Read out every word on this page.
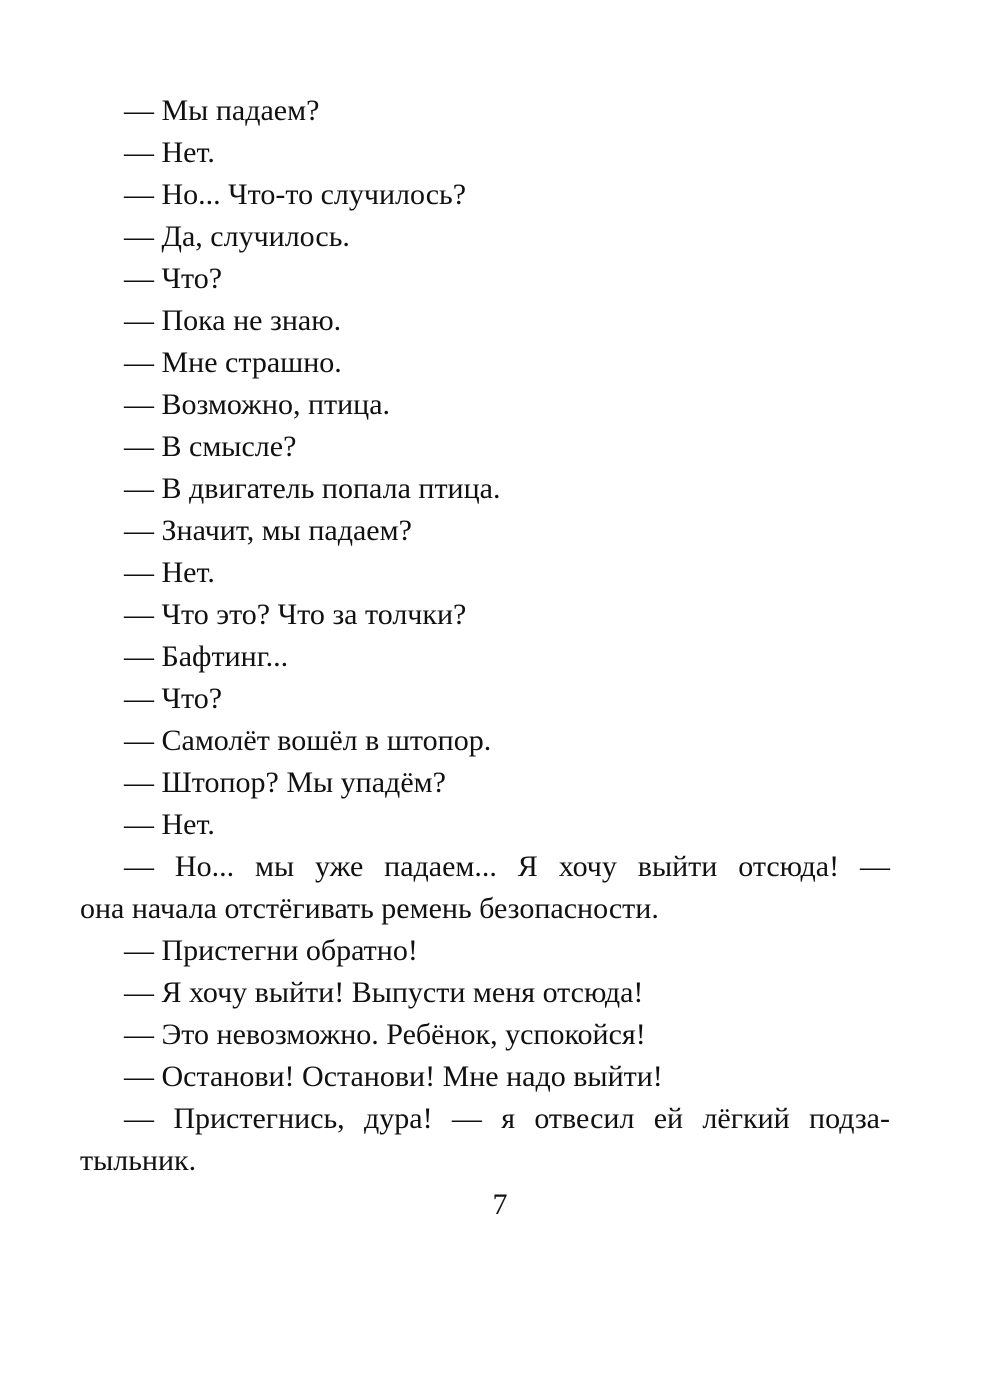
— Мы падаем?
— Нет.
— Но... Что-то случилось?
— Да, случилось.
— Что?
— Пока не знаю.
— Мне страшно.
— Возможно, птица.
— В смысле?
— В двигатель попала птица.
— Значит, мы падаем?
— Нет.
— Что это? Что за толчки?
— Бафтинг...
— Что?
— Самолёт вошёл в штопор.
— Штопор? Мы упадём?
— Нет.
— Но... мы уже падаем... Я хочу выйти отсюда! —
она начала отстёгивать ремень безопасности.
— Пристегни обратно!
— Я хочу выйти! Выпусти меня отсюда!
— Это невозможно. Ребёнок, успокойся!
— Останови! Останови! Мне надо выйти!
— Пристегнись, дура! — я отвесил ей лёгкий подза-
тыльник.
7
